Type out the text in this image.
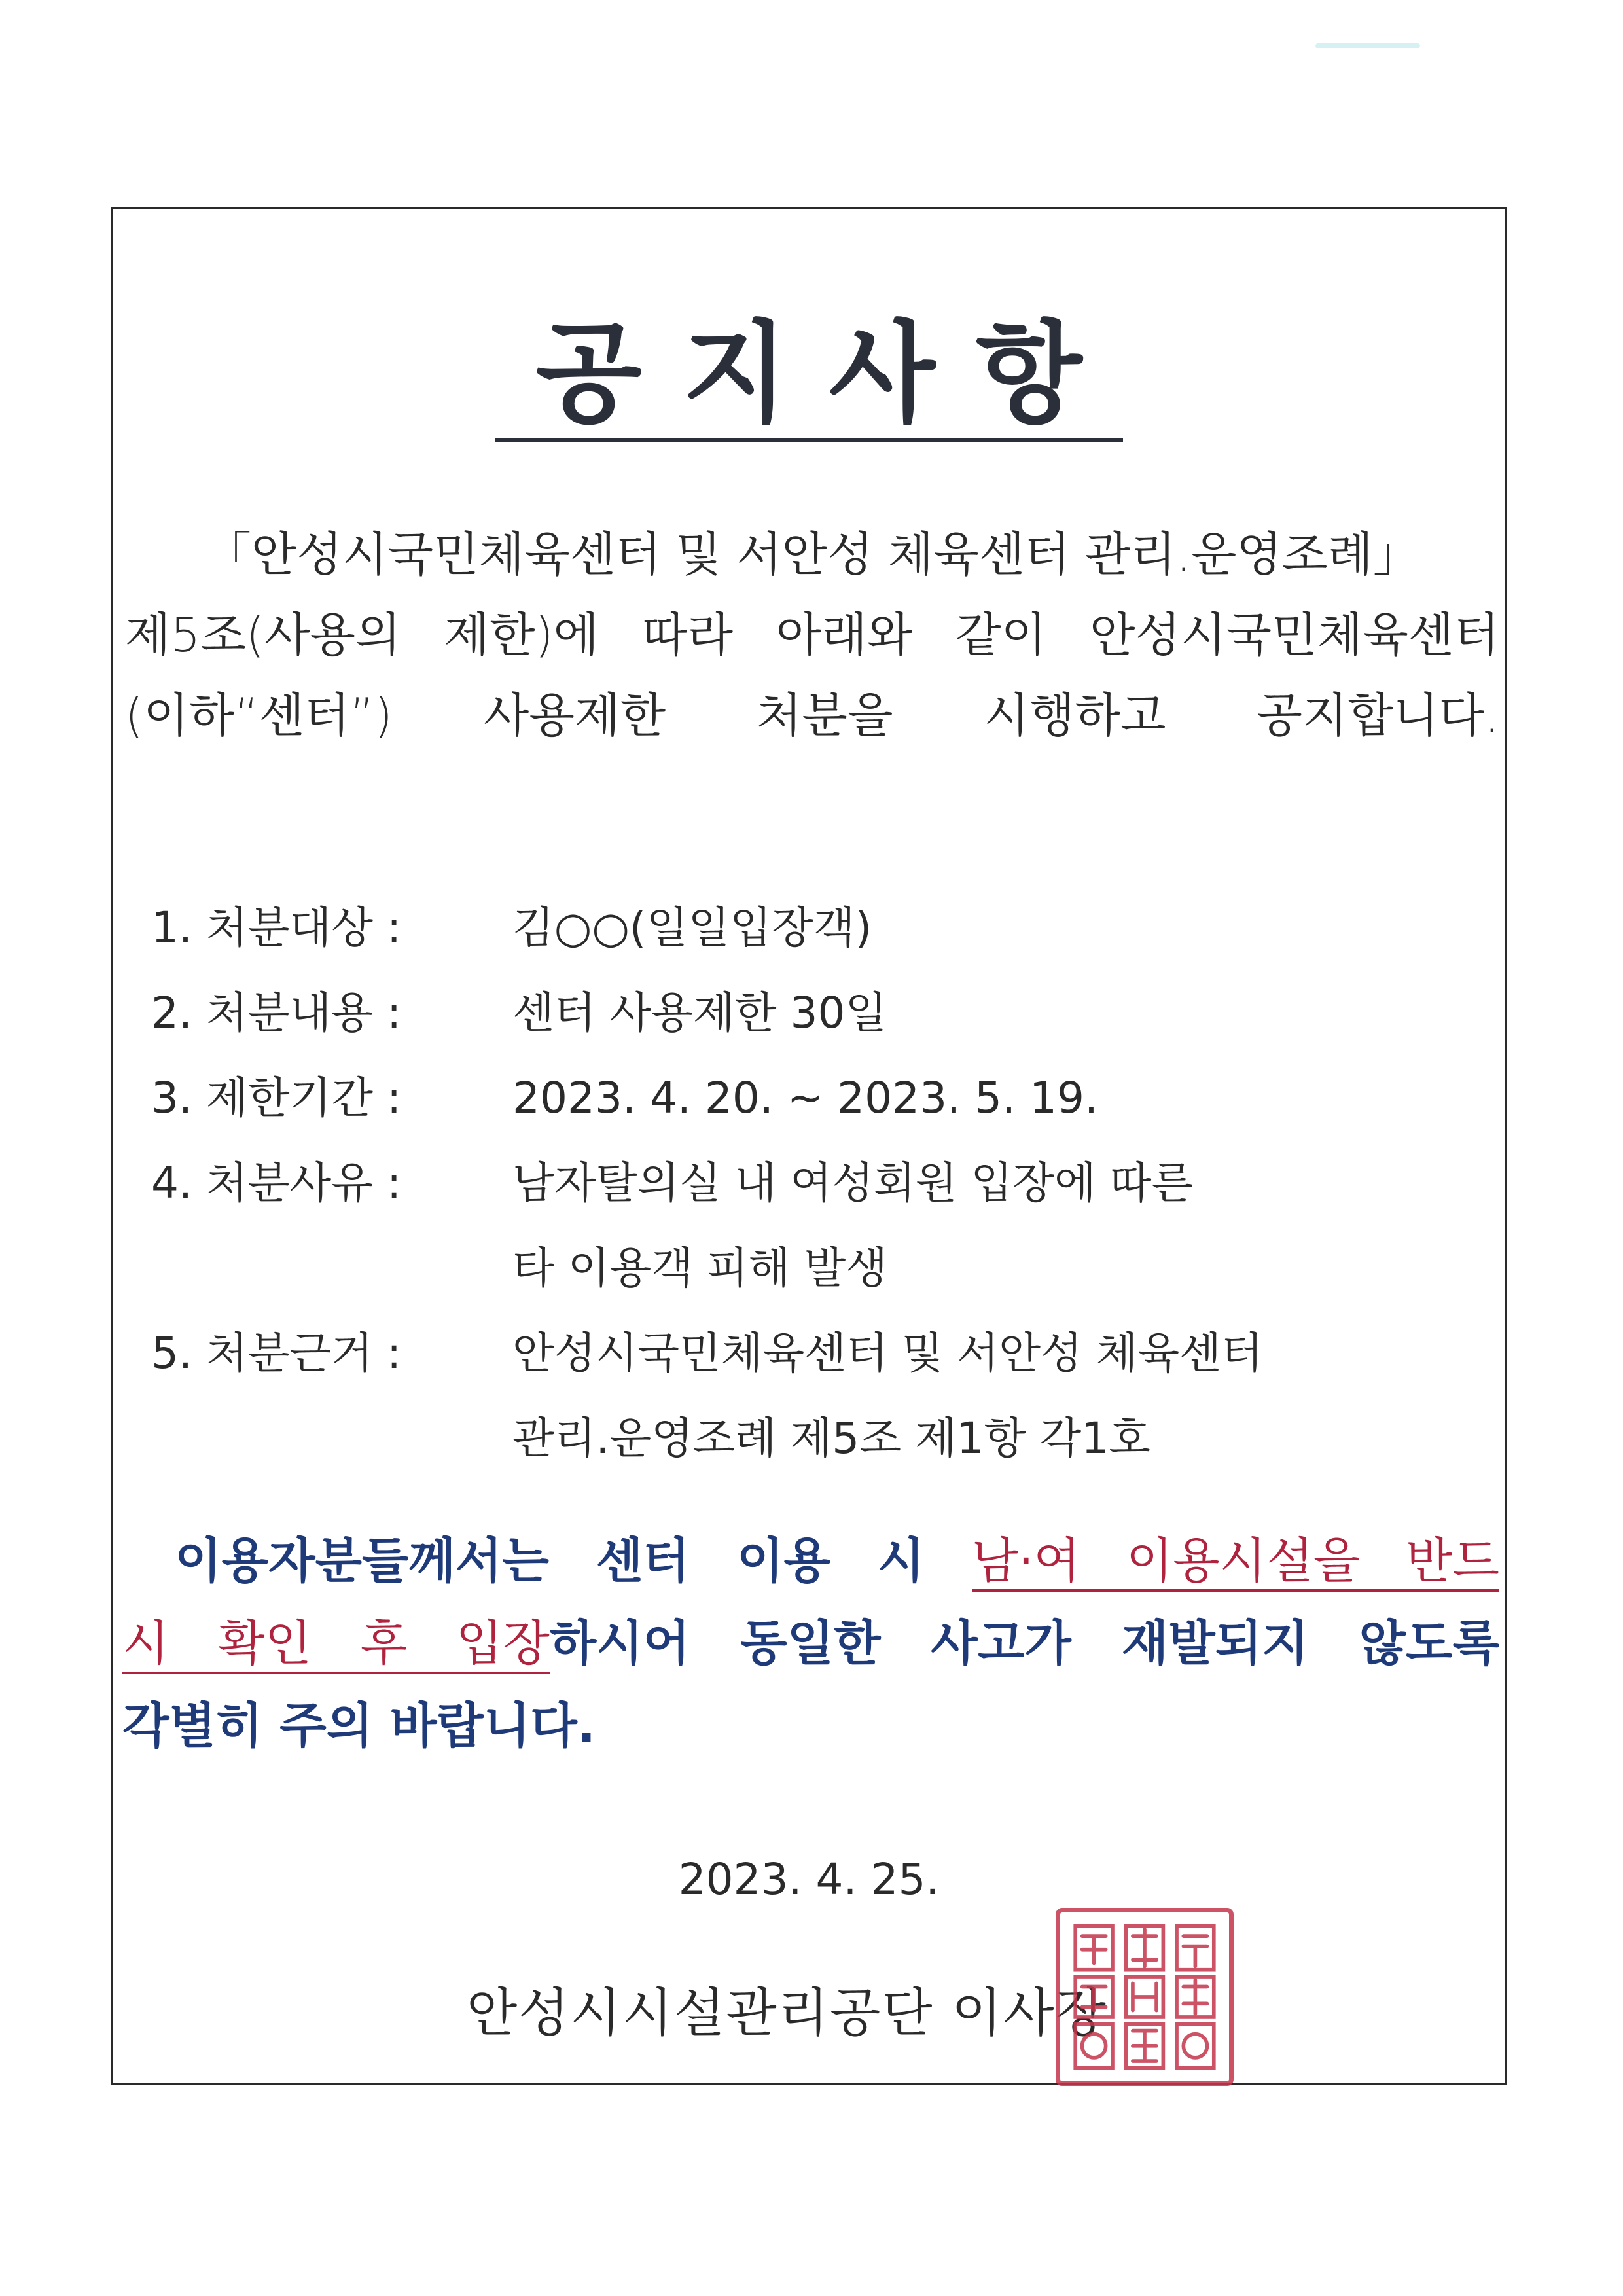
공지사항

「안성시국민체육센터 및 서안성 체육센터 관리.운영조례」

제5조(사용의 제한)에 따라 아래와 같이 안성시국민체육센터

(이하“센터”) 사용제한 처분을 시행하고 공지합니다.

1. 처분대상 :	김○○(일일입장객)
2. 처분내용 :	센터 사용제한 30일
3. 제한기간 :	2023. 4. 20. ~ 2023. 5. 19.
4. 처분사유 :	남자탈의실 내 여성회원 입장에 따른
타 이용객 피해 발생
5. 처분근거 :	안성시국민체육센터 및 서안성 체육센터
관리.운영조례 제5조 제1항 각1호

이용자분들께서는 센터 이용 시 남·여 이용시설을 반드

시 확인 후 입장하시어 동일한 사고가 재발되지 않도록

각별히 주의 바랍니다.

2023. 4. 25.
안성시시설관리공단 이사장
